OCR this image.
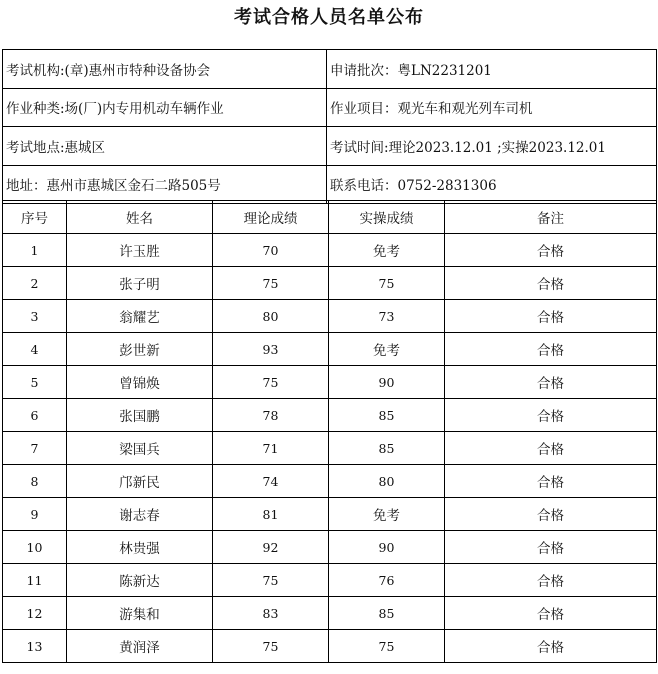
考试合格人员名单公布
考试机构:(章)惠州市特种设备协会	申请批次：粤LN2231201
作业种类:场(厂)内专用机动车辆作业	作业项目：观光车和观光列车司机
考试地点:惠城区	考试时间:理论2023.12.01 ;实操2023.12.01
地址：惠州市惠城区金石二路505号	联系电话：0752-2831306
序号	姓名	理论成绩	实操成绩	备注
1	许玉胜	70	免考	合格
2	张子明	75	75	合格
3	翁耀艺	80	73	合格
4	彭世新	93	免考	合格
5	曾锦焕	75	90	合格
6	张国鹏	78	85	合格
7	梁国兵	71	85	合格
8	邝新民	74	80	合格
9	谢志春	81	免考	合格
10	林贵强	92	90	合格
11	陈新达	75	76	合格
12	游集和	83	85	合格
13	黄润泽	75	75	合格
